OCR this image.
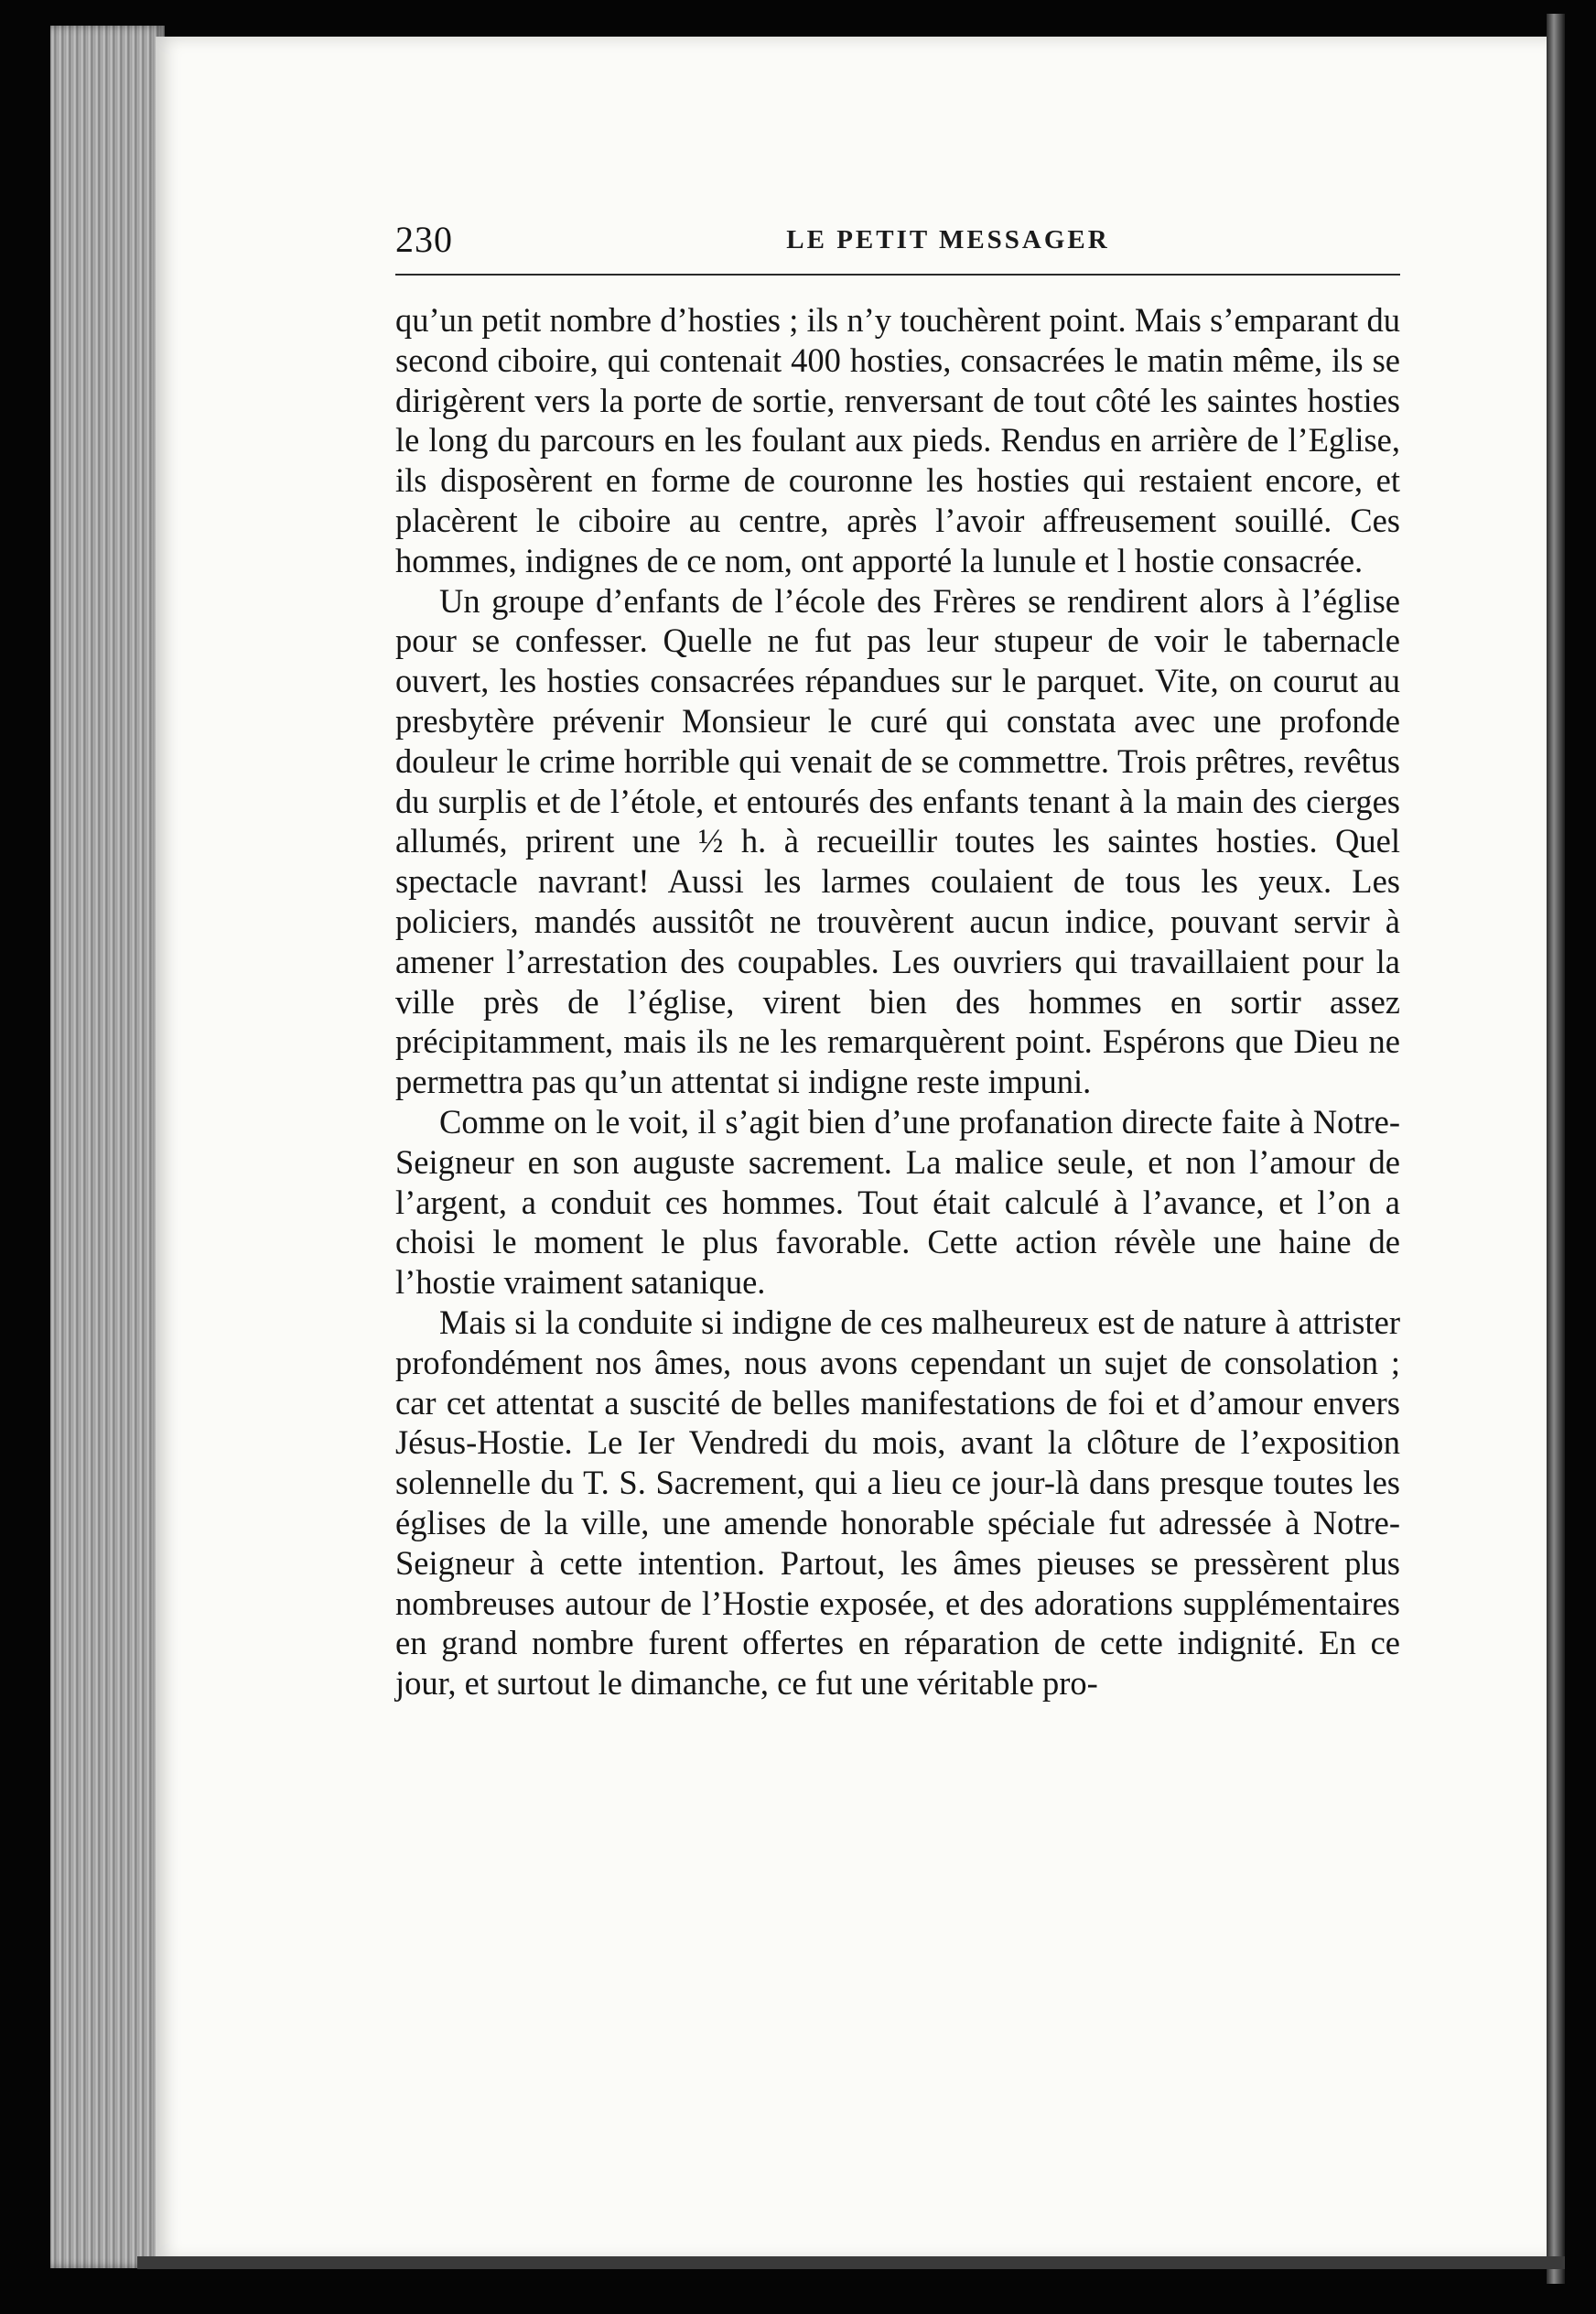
230	LE PETIT MESSAGER

qu’un petit nombre d’hosties ; ils n’y touchèrent point. Mais s’emparant du second ciboire, qui contenait 400 hosties, consacrées le matin même, ils se dirigèrent vers la porte de sortie, renversant de tout côté les saintes hosties le long du parcours en les foulant aux pieds. Rendus en arrière de l’Eglise, ils disposèrent en forme de couronne les hosties qui restaient encore, et placèrent le ciboire au centre, après l’avoir affreusement souillé. Ces hommes, indignes de ce nom, ont apporté la lunule et l hostie consacrée.

Un groupe d’enfants de l’école des Frères se rendirent alors à l’église pour se confesser. Quelle ne fut pas leur stupeur de voir le tabernacle ouvert, les hosties consacrées répandues sur le parquet. Vite, on courut au presbytère prévenir Monsieur le curé qui constata avec une profonde douleur le crime horrible qui venait de se commettre. Trois prêtres, revêtus du surplis et de l’étole, et entourés des enfants tenant à la main des cierges allumés, prirent une ½ h. à recueillir toutes les saintes hosties. Quel spectacle navrant! Aussi les larmes coulaient de tous les yeux. Les policiers, mandés aussitôt ne trouvèrent aucun indice, pouvant servir à amener l’arrestation des coupables. Les ouvriers qui travaillaient pour la ville près de l’église, virent bien des hommes en sortir assez précipitamment, mais ils ne les remarquèrent point. Espérons que Dieu ne permettra pas qu’un attentat si indigne reste impuni.

Comme on le voit, il s’agit bien d’une profanation directe faite à Notre-Seigneur en son auguste sacrement. La malice seule, et non l’amour de l’argent, a conduit ces hommes. Tout était calculé à l’avance, et l’on a choisi le moment le plus favorable. Cette action révèle une haine de l’hostie vraiment satanique.

Mais si la conduite si indigne de ces malheureux est de nature à attrister profondément nos âmes, nous avons cependant un sujet de consolation ; car cet attentat a suscité de belles manifestations de foi et d’amour envers Jésus-Hostie. Le Ier Vendredi du mois, avant la clôture de l’exposition solennelle du T. S. Sacrement, qui a lieu ce jour-là dans presque toutes les églises de la ville, une amende honorable spéciale fut adressée à Notre-Seigneur à cette intention. Partout, les âmes pieuses se pressèrent plus nombreuses autour de l’Hostie exposée, et des adorations supplémentaires en grand nombre furent offertes en réparation de cette indignité. En ce jour, et surtout le dimanche, ce fut une véritable pro-
